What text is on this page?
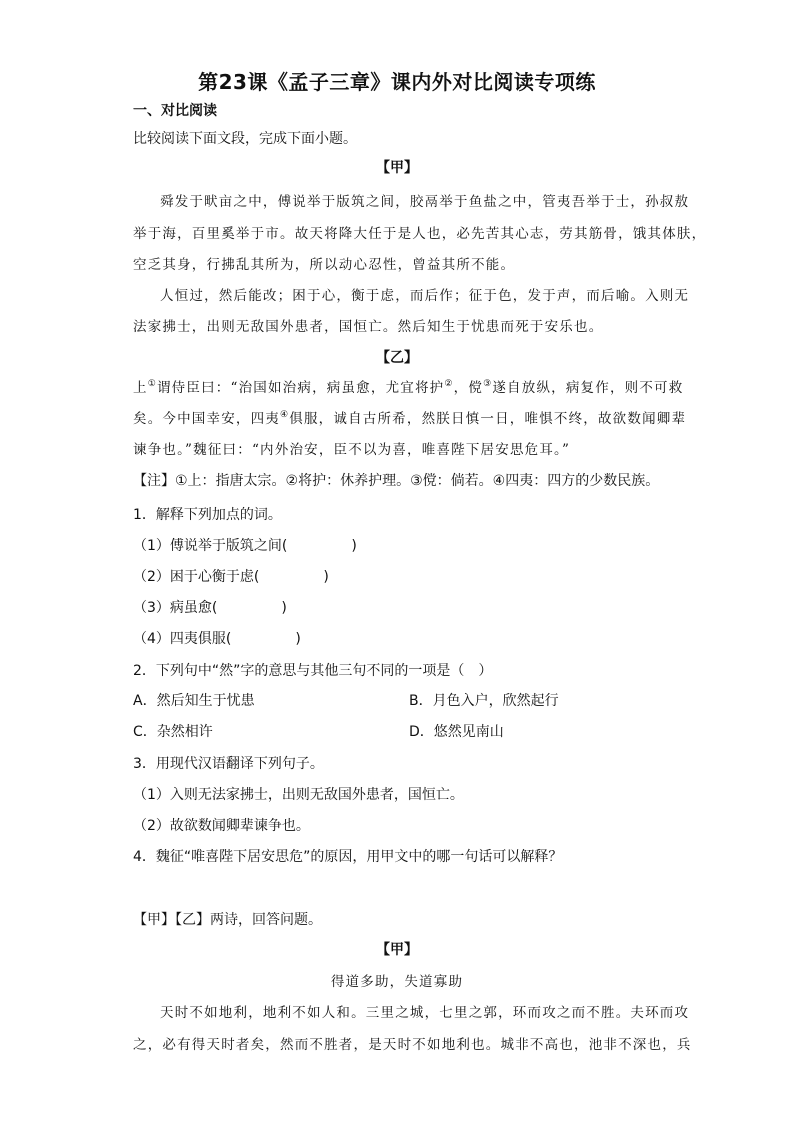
第23课《孟子三章》课内外对比阅读专项练
一、对比阅读
比较阅读下面文段，完成下面小题。
【甲】
舜发于畎亩之中，傅说举于版筑之间，胶鬲举于鱼盐之中，管夷吾举于士，孙叔敖
举于海，百里奚举于市。故天将降大任于是人也，必先苦其心志，劳其筋骨，饿其体肤，
空乏其身，行拂乱其所为，所以动心忍性，曾益其所不能。
人恒过，然后能改；困于心，衡于虑，而后作；征于色，发于声，而后喻。入则无
法家拂士，出则无敌国外患者，国恒亡。然后知生于忧患而死于安乐也。
【乙】
上①谓侍臣曰：“治国如治病，病虽愈，尤宜将护②，傥③遂自放纵，病复作，则不可救
矣。今中国幸安，四夷④俱服，诚自古所希，然朕日慎一日，唯惧不终，故欲数闻卿辈
谏争也。”魏征曰：“内外治安，臣不以为喜，唯喜陛下居安思危耳。”
【注】①上：指唐太宗。②将护：休养护理。③傥：倘若。④四夷：四方的少数民族。
1．解释下列加点的词。
（1）傅说举于版筑之间(	)
（2）困于心衡于虑(	)
（3）病虽愈(	)
（4）四夷俱服(	)
2．下列句中“然”字的意思与其他三句不同的一项是（　）
A．然后知生于忧患	B．月色入户，欣然起行
C．杂然相许	D．悠然见南山
3．用现代汉语翻译下列句子。
（1）入则无法家拂士，出则无敌国外患者，国恒亡。
（2）故欲数闻卿辈谏争也。
4．魏征“唯喜陛下居安思危”的原因，用甲文中的哪一句话可以解释？
【甲】【乙】两诗，回答问题。
【甲】
得道多助，失道寡助
天时不如地利，地利不如人和。三里之城，七里之郭，环而攻之而不胜。夫环而攻
之，必有得天时者矣，然而不胜者，是天时不如地利也。城非不高也，池非不深也，兵
